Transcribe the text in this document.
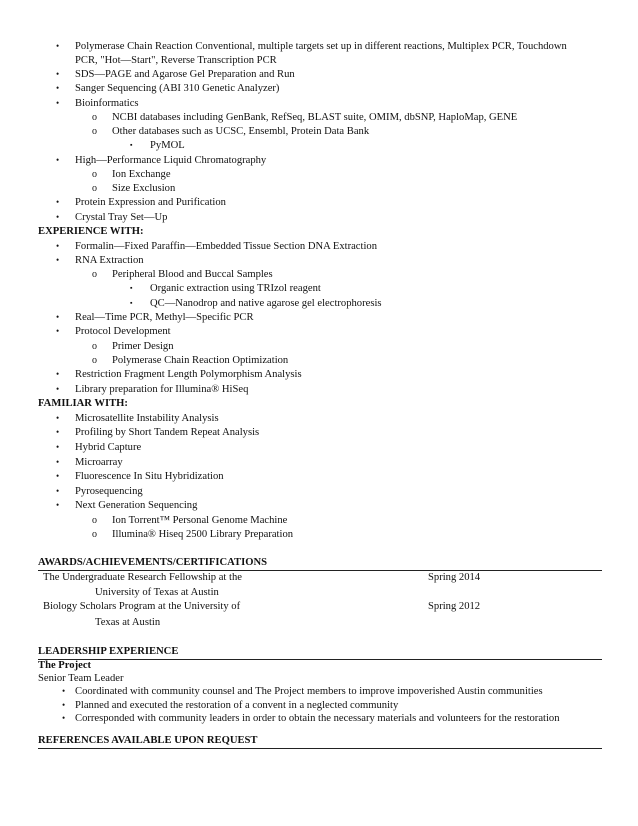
• Polymerase Chain Reaction Conventional, multiple targets set up in different reactions, Multiplex PCR, Touchdown
PCR, "Hot—Start", Reverse Transcription PCR
• SDS—PAGE and Agarose Gel Preparation and Run
• Sanger Sequencing (ABI 310 Genetic Analyzer)
• Bioinformatics
o NCBI databases including GenBank, RefSeq, BLAST suite, OMIM, dbSNP, HaploMap, GENE
o Other databases such as UCSC, Ensembl, Protein Data Bank
▪ PyMOL
• High—Performance Liquid Chromatography
o Ion Exchange
o Size Exclusion
• Protein Expression and Purification
• Crystal Tray Set—Up
EXPERIENCE WITH:
• Formalin—Fixed Paraffin—Embedded Tissue Section DNA Extraction
• RNA Extraction
o Peripheral Blood and Buccal Samples
▪ Organic extraction using TRIzol reagent
▪ QC—Nanodrop and native agarose gel electrophoresis
• Real—Time PCR, Methyl—Specific PCR
• Protocol Development
o Primer Design
o Polymerase Chain Reaction Optimization
• Restriction Fragment Length Polymorphism Analysis
• Library preparation for Illumina® HiSeq
FAMILIAR WITH:
• Microsatellite Instability Analysis
• Profiling by Short Tandem Repeat Analysis
• Hybrid Capture
• Microarray
• Fluorescence In Situ Hybridization
• Pyrosequencing
• Next Generation Sequencing
o Ion Torrent™ Personal Genome Machine
o Illumina® Hiseq 2500 Library Preparation
AWARDS/ACHIEVEMENTS/CERTIFICATIONS
The Undergraduate Research Fellowship at the	Spring 2014
University of Texas at Austin
Biology Scholars Program at the University of	Spring 2012
Texas at Austin
LEADERSHIP EXPERIENCE
The Project
Senior Team Leader
• Coordinated with community counsel and The Project members to improve impoverished Austin communities
• Planned and executed the restoration of a convent in a neglected community
• Corresponded with community leaders in order to obtain the necessary materials and volunteers for the restoration
REFERENCES AVAILABLE UPON REQUEST
